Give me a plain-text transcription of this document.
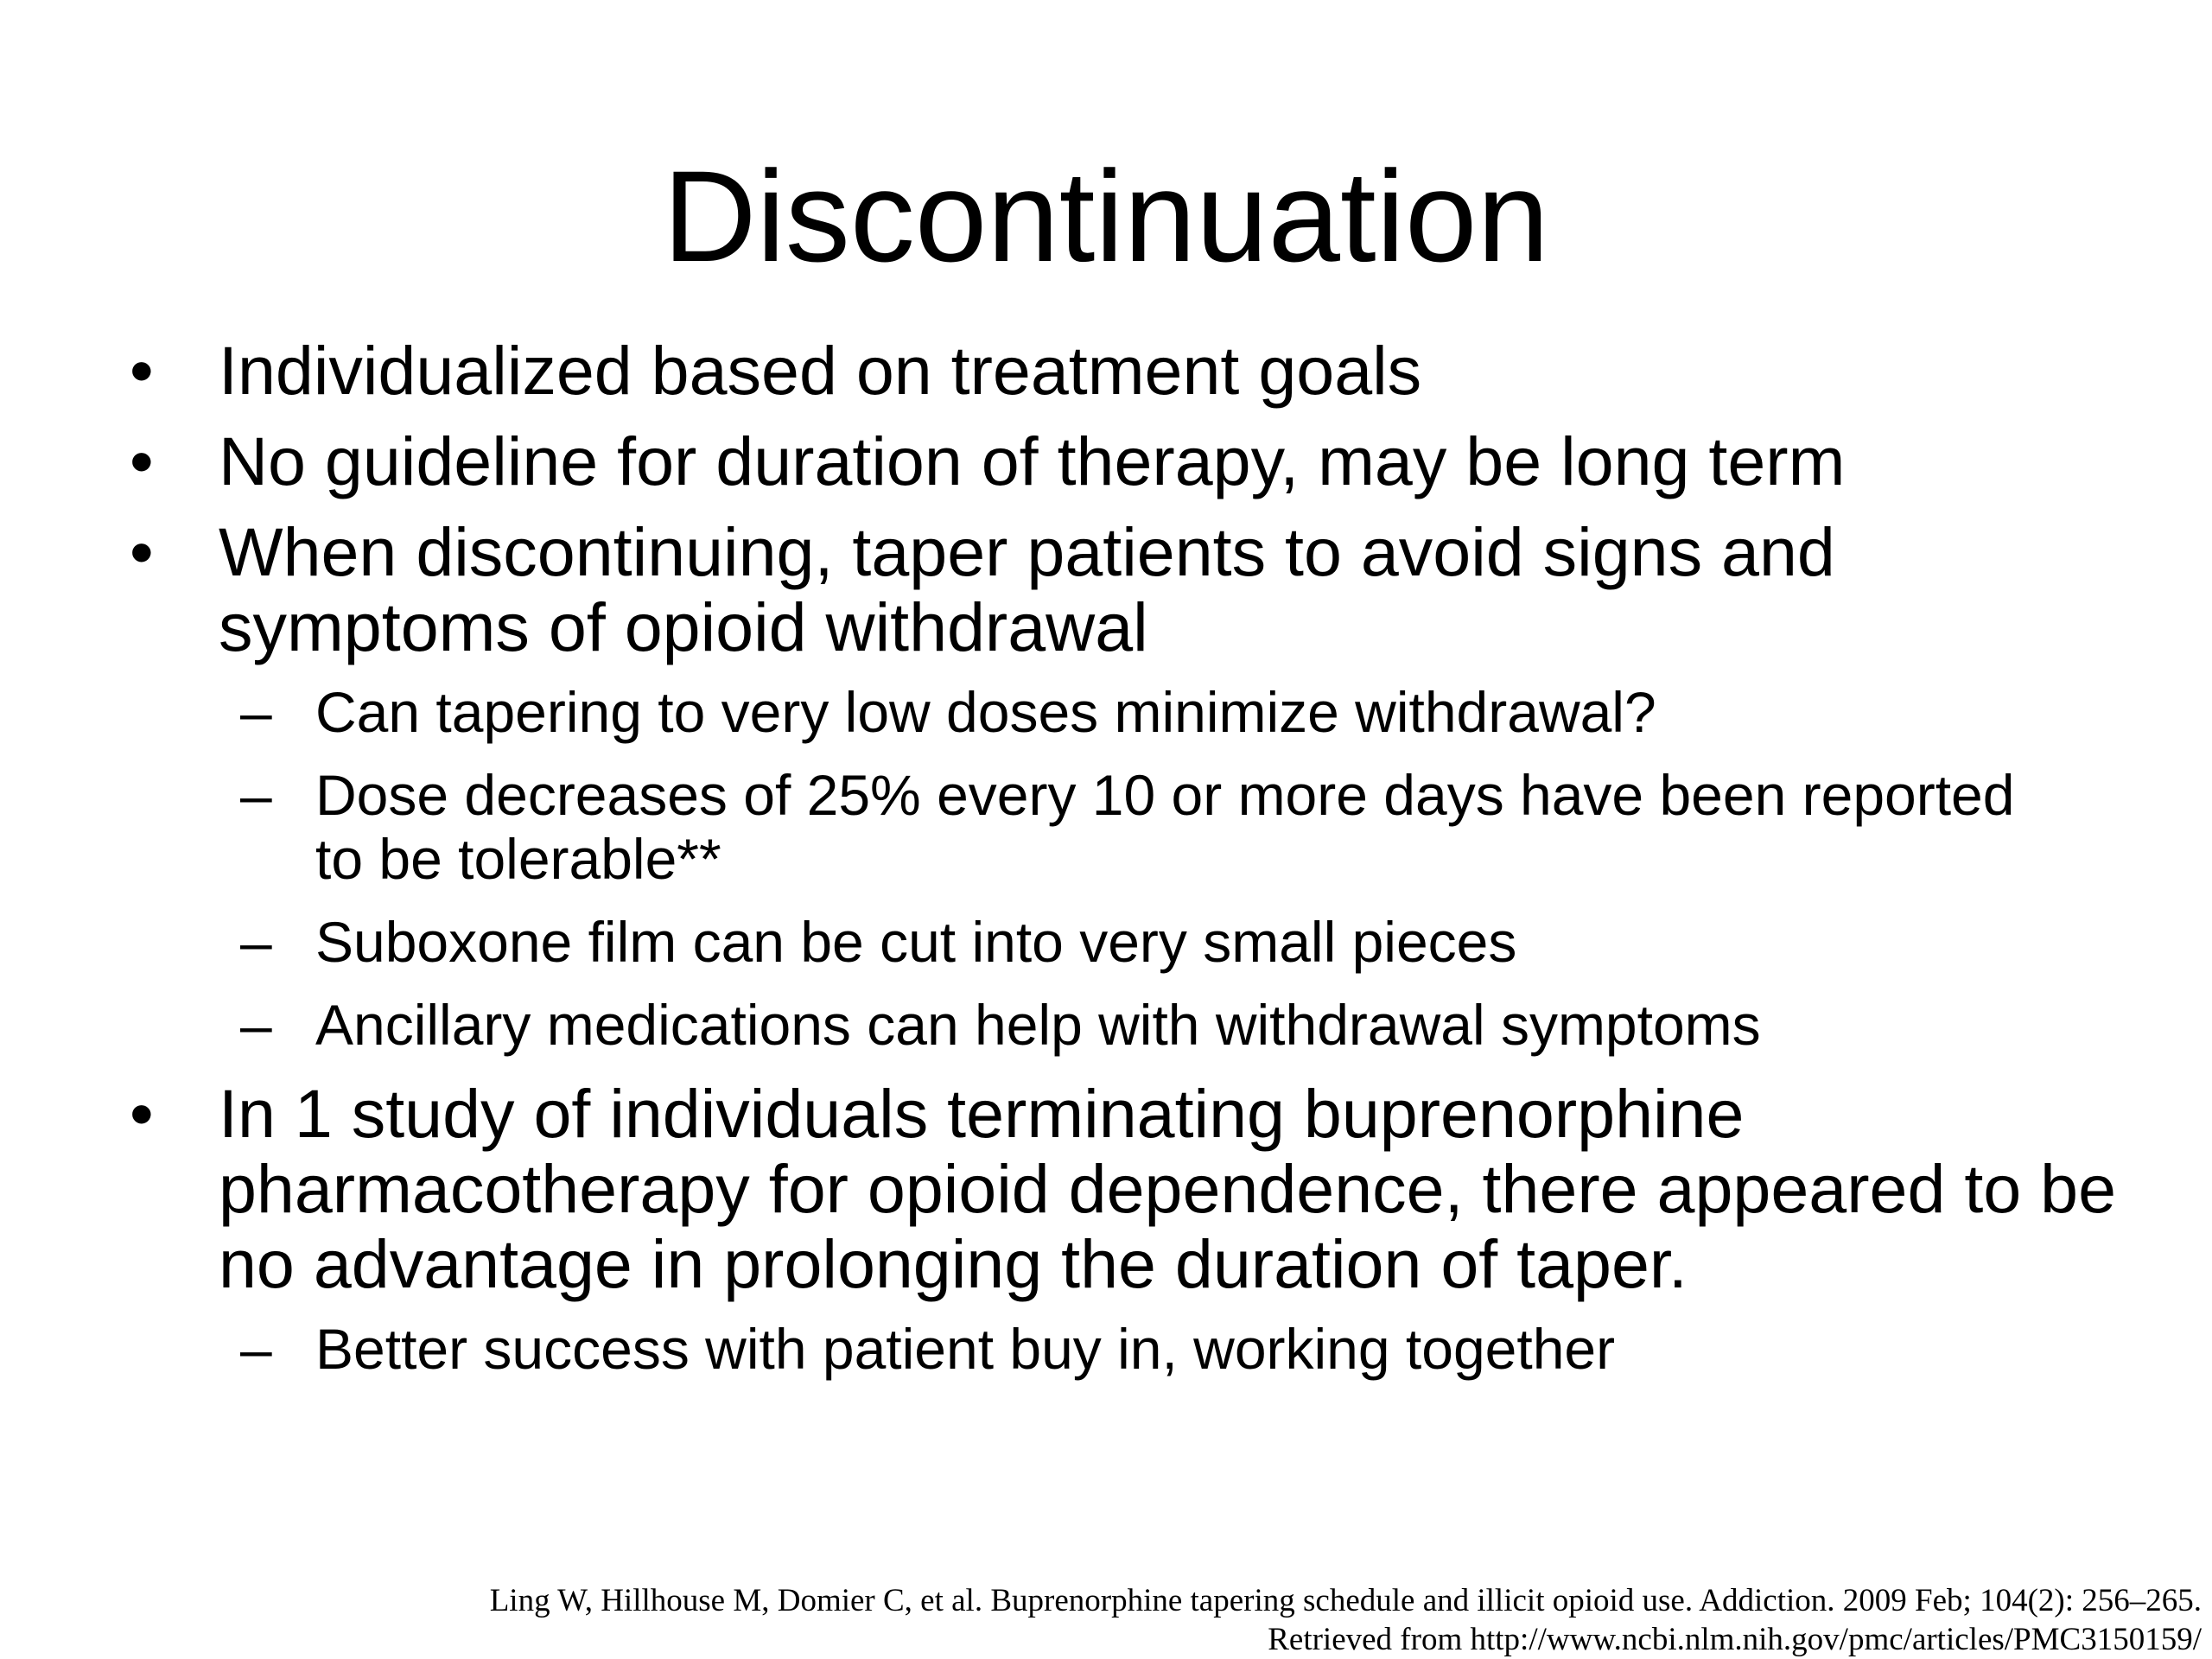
Discontinuation
• Individualized based on treatment goals
• No guideline for duration of therapy, may be long term
• When discontinuing, taper patients to avoid signs and symptoms of opioid withdrawal
– Can tapering to very low doses minimize withdrawal?
– Dose decreases of 25% every 10 or more days have been reported to be tolerable**
– Suboxone film can be cut into very small pieces
– Ancillary medications can help with withdrawal symptoms
• In 1 study of individuals terminating buprenorphine pharmacotherapy for opioid dependence, there appeared to be no advantage in prolonging the duration of taper.
– Better success with patient buy in, working together
Ling W, Hillhouse M, Domier C, et al. Buprenorphine tapering schedule and illicit opioid use. Addiction. 2009 Feb; 104(2): 256–265.
Retrieved from http://www.ncbi.nlm.nih.gov/pmc/articles/PMC3150159/
